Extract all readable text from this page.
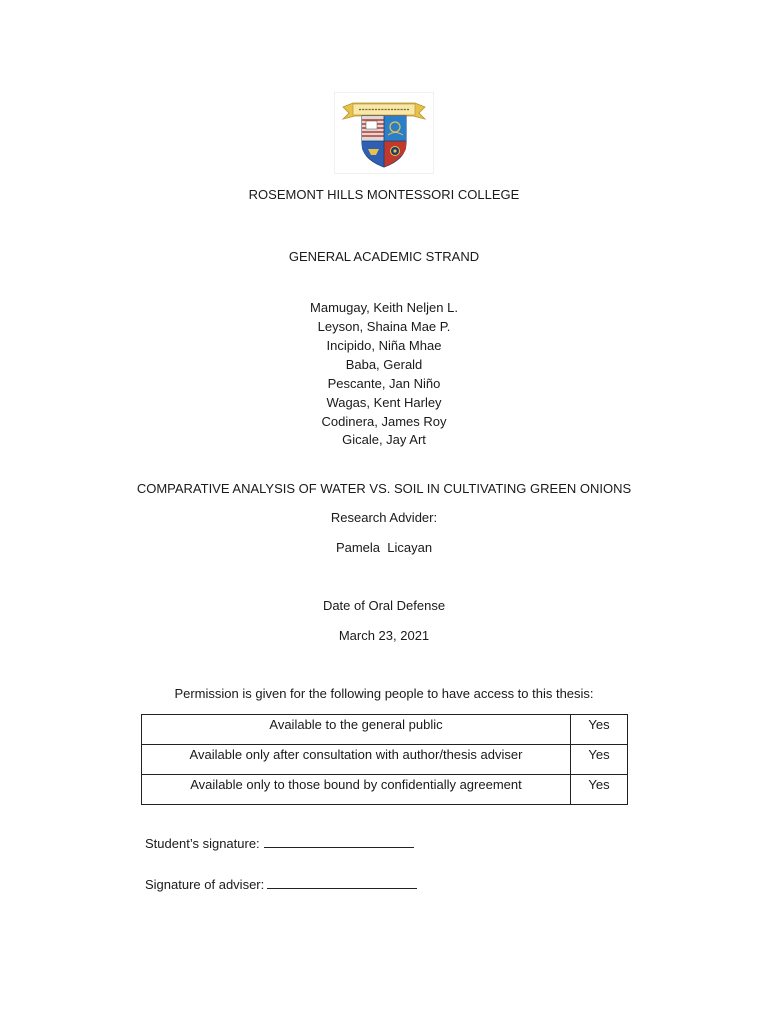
ROSEMONT HILLS MONTESSORI COLLEGE
GENERAL ACADEMIC STRAND
Mamugay, Keith Neljen L.
Leyson, Shaina Mae P.
Incipido, Niña Mhae
Baba, Gerald
Pescante, Jan Niño
Wagas, Kent Harley
Codinera, James Roy
Gicale, Jay Art
COMPARATIVE ANALYSIS OF WATER VS. SOIL IN CULTIVATING GREEN ONIONS
Research Advider:
Pamela  Licayan
Date of Oral Defense
March 23, 2021
Permission is given for the following people to have access to this thesis:
Available to the general public	Yes
Available only after consultation with author/thesis adviser	Yes
Available only to those bound by confidentially agreement	Yes
Student’s signature:
Signature of adviser:
